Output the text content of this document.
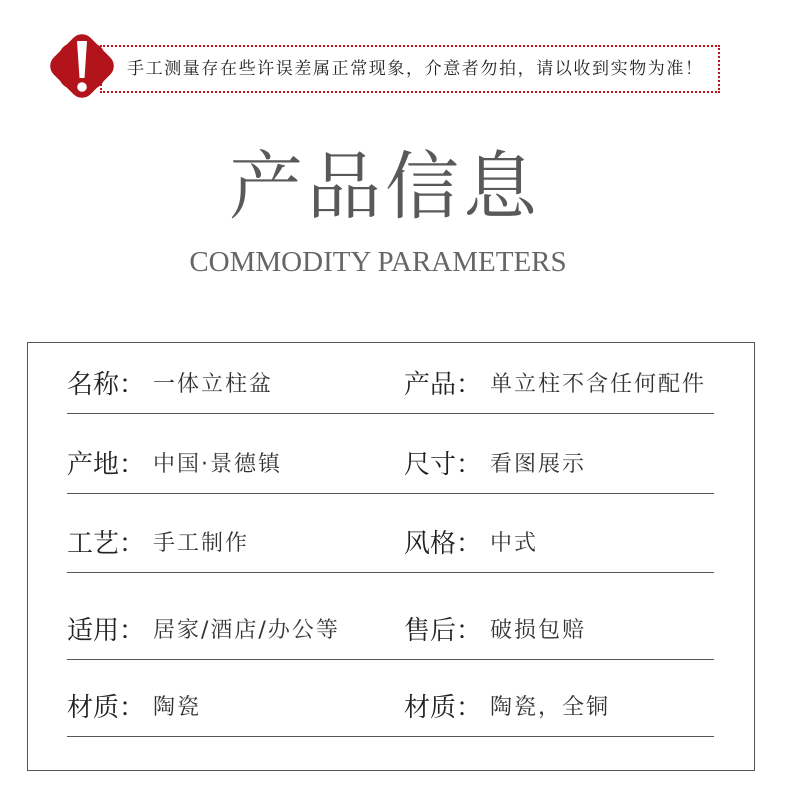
手工测量存在些许误差属正常现象，介意者勿拍，请以收到实物为准！
产品信息
COMMODITY PARAMETERS
名称： 一体立柱盆	产品： 单立柱不含任何配件
产地： 中国·景德镇	尺寸： 看图展示
工艺： 手工制作	风格： 中式
适用： 居家/酒店/办公等 售后： 破损包赔
材质： 陶瓷	材质： 陶瓷，全铜
